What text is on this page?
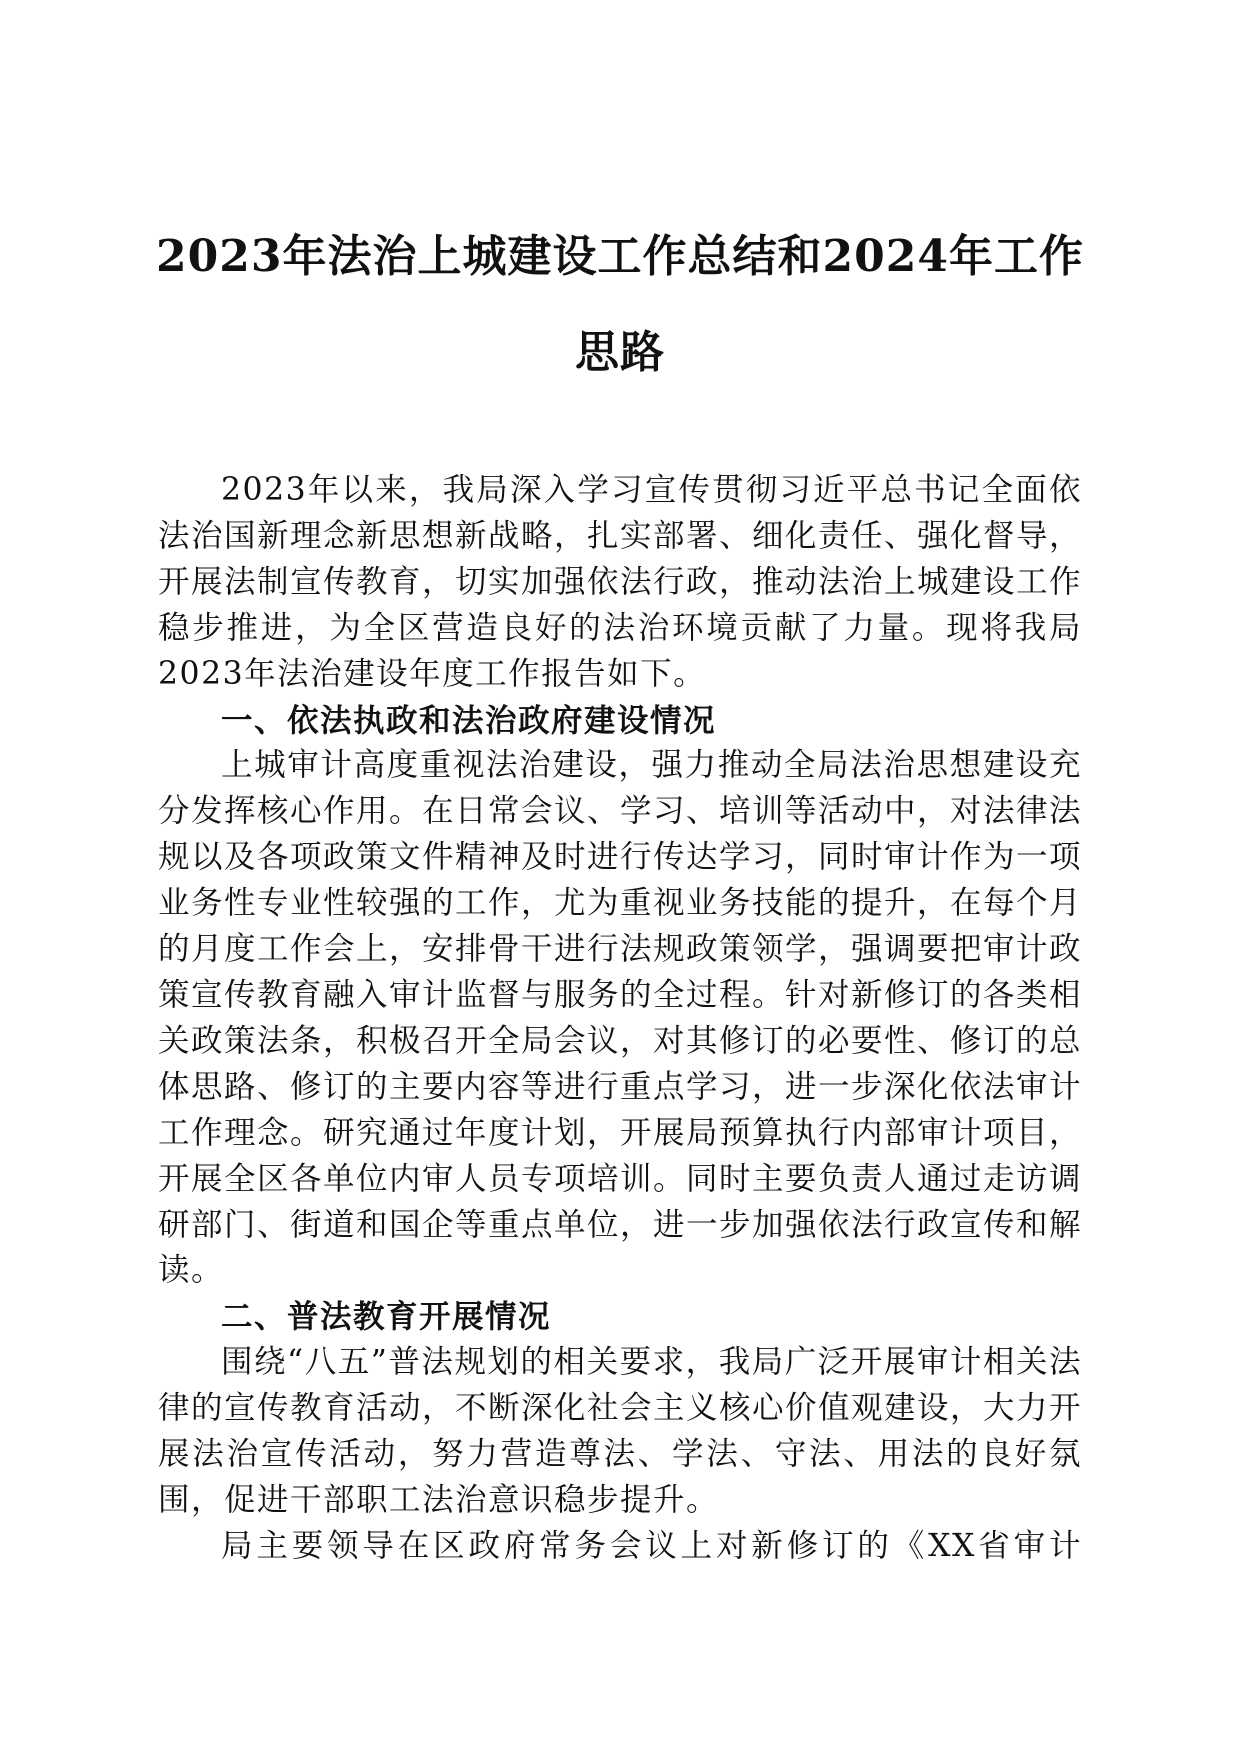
2023年法治上城建设工作总结和2024年工作
思路

2023年以来，我局深入学习宣传贯彻习近平总书记全面依法治国新理念新思想新战略，扎实部署、细化责任、强化督导，开展法制宣传教育，切实加强依法行政，推动法治上城建设工作稳步推进，为全区营造良好的法治环境贡献了力量。现将我局2023年法治建设年度工作报告如下。

一、依法执政和法治政府建设情况

上城审计高度重视法治建设，强力推动全局法治思想建设充分发挥核心作用。在日常会议、学习、培训等活动中，对法律法规以及各项政策文件精神及时进行传达学习，同时审计作为一项业务性专业性较强的工作，尤为重视业务技能的提升，在每个月的月度工作会上，安排骨干进行法规政策领学，强调要把审计政策宣传教育融入审计监督与服务的全过程。针对新修订的各类相关政策法条，积极召开全局会议，对其修订的必要性、修订的总体思路、修订的主要内容等进行重点学习，进一步深化依法审计工作理念。研究通过年度计划，开展局预算执行内部审计项目，开展全区各单位内审人员专项培训。同时主要负责人通过走访调研部门、街道和国企等重点单位，进一步加强依法行政宣传和解读。

二、普法教育开展情况

围绕“八五”普法规划的相关要求，我局广泛开展审计相关法律的宣传教育活动，不断深化社会主义核心价值观建设，大力开展法治宣传活动，努力营造尊法、学法、守法、用法的良好氛围，促进干部职工法治意识稳步提升。

局主要领导在区政府常务会议上对新修订的《XX省审计
